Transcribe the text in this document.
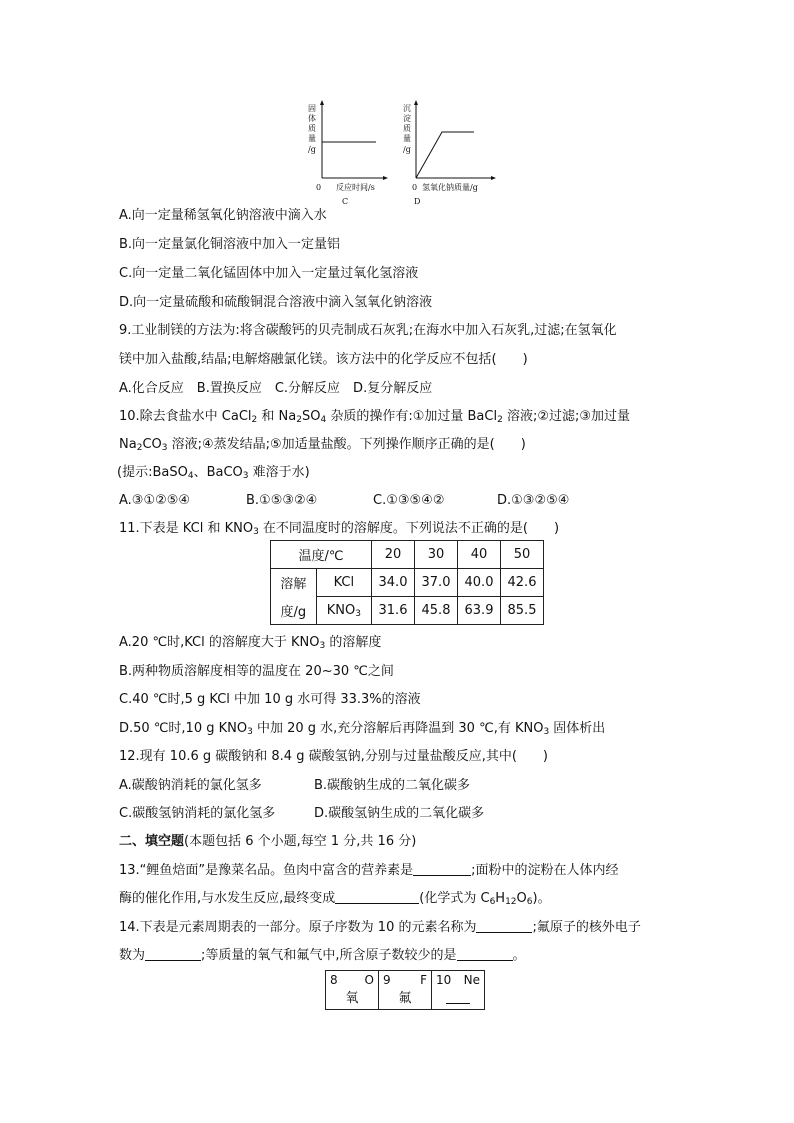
固
体
质
量
/g
0 反应时间/s
C
沉
淀
质
量
/g
0 氢氧化钠质量/g
D
A.向一定量稀氢氧化钠溶液中滴入水
B.向一定量氯化铜溶液中加入一定量铝
C.向一定量二氧化锰固体中加入一定量过氧化氢溶液
D.向一定量硫酸和硫酸铜混合溶液中滴入氢氧化钠溶液
9.工业制镁的方法为:将含碳酸钙的贝壳制成石灰乳;在海水中加入石灰乳,过滤;在氢氧化
镁中加入盐酸,结晶;电解熔融氯化镁。该方法中的化学反应不包括(　　)
A.化合反应　B.置换反应　C.分解反应　D.复分解反应
10.除去食盐水中 CaCl$_2$ 和 $Na_2SO_4$ 杂质的操作有:①加过量 BaCl$_2$ 溶液;②过滤;③加过量
$Na_2CO_3$ 溶液;④蒸发结晶;⑤加适量盐酸。下列操作顺序正确的是(　　)
(提示:BaSO$_4$、BaCO$_3$ 难溶于水)
A.③①②⑤④	B.①⑤③②④	C.①③⑤④②	D.①③②⑤④
11.下表是 KCl 和 $KNO_3$ 在不同温度时的溶解度。下列说法不正确的是(　　)
温度/℃		20	30	40	50
溶解	KCl	34.0	37.0	40.0	42.6
度/g	$KNO_3$	31.6	45.8	63.9	85.5
A.20 ℃时,KCl 的溶解度大于 $KNO_3$ 的溶解度
B.两种物质溶解度相等的温度在 20~30 ℃之间
C.40 ℃时,5 g KCl 中加 10 g 水可得 33.3%的溶液
D.50 ℃时,10 g $KNO_3$ 中加 20 g 水,充分溶解后再降温到 30 ℃,有 $KNO_3$ 固体析出
12.现有 10.6 g 碳酸钠和 8.4 g 碳酸氢钠,分别与过量盐酸反应,其中(　　)
A.碳酸钠消耗的氯化氢多	B.碳酸钠生成的二氧化碳多
C.碳酸氢钠消耗的氯化氢多	D.碳酸氢钠生成的二氧化碳多
二、填空题(本题包括 6 个小题,每空 1 分,共 16 分)
13.“鲤鱼焙面”是豫菜名品。鱼肉中富含的营养素是	;面粉中的淀粉在人体内经
酶的催化作用,与水发生反应,最终变成	(化学式为 $C_6H_{12}O_6$)。
14.下表是元素周期表的一部分。原子序数为 10 的元素名称为	;氟原子的核外电子
数为	;等质量的氧气和氟气中,所含原子数较少的是	。
8 O
氧

9 F
氟

10 Ne
